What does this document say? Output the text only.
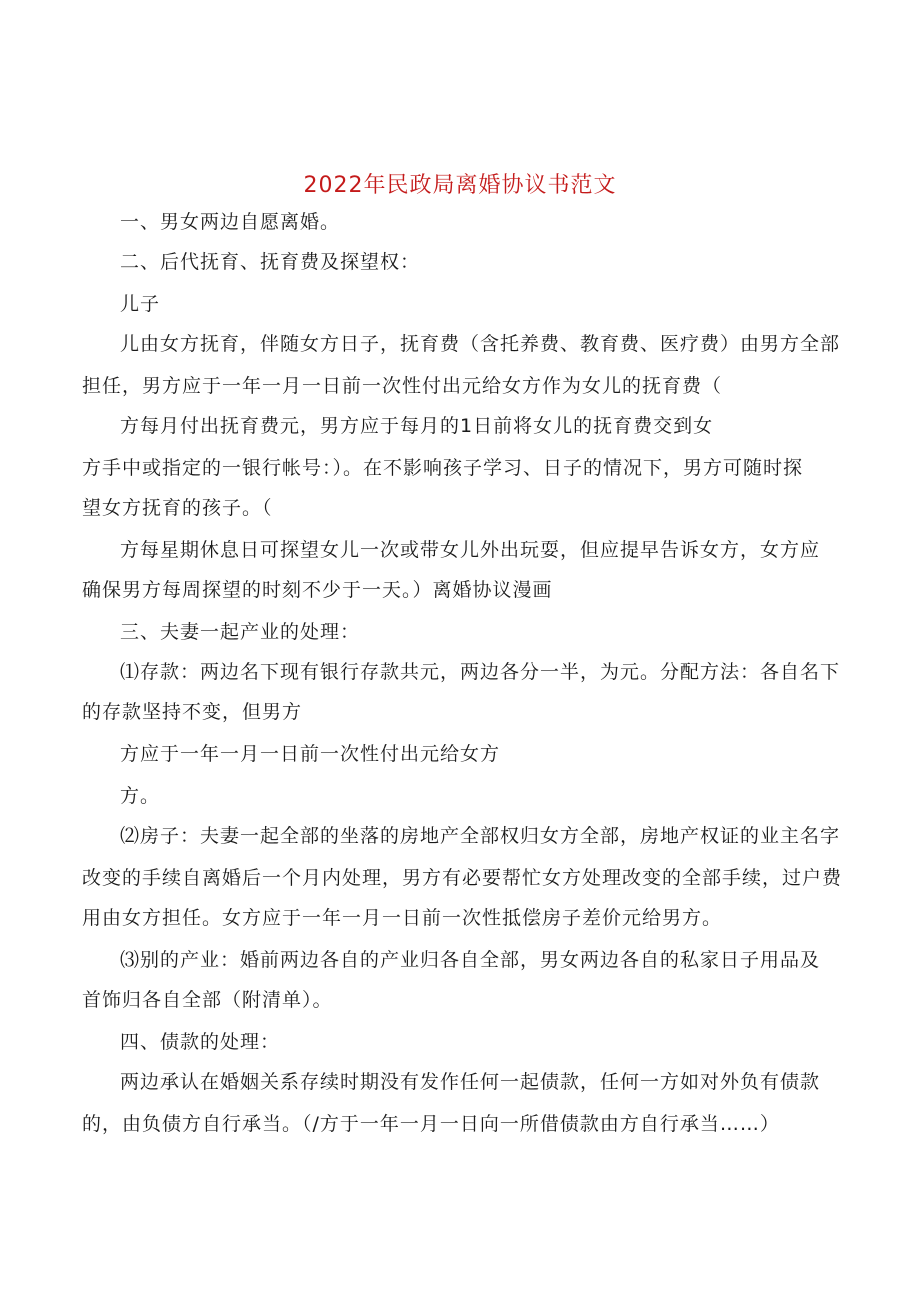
2022年民政局离婚协议书范文
一、男女两边自愿离婚。
二、后代抚育、抚育费及探望权：
儿子
儿由女方抚育，伴随女方日子，抚育费（含托养费、教育费、医疗费）由男方全部
担任，男方应于一年一月一日前一次性付出元给女方作为女儿的抚育费（
方每月付出抚育费元，男方应于每月的1日前将女儿的抚育费交到女
方手中或指定的一银行帐号：）。在不影响孩子学习、日子的情况下，男方可随时探
望女方抚育的孩子。（
方每星期休息日可探望女儿一次或带女儿外出玩耍，但应提早告诉女方，女方应
确保男方每周探望的时刻不少于一天。）离婚协议漫画
三、夫妻一起产业的处理：
⑴存款：两边名下现有银行存款共元，两边各分一半，为元。分配方法：各自名下
的存款坚持不变，但男方
方应于一年一月一日前一次性付出元给女方
方。
⑵房子：夫妻一起全部的坐落的房地产全部权归女方全部，房地产权证的业主名字
改变的手续自离婚后一个月内处理，男方有必要帮忙女方处理改变的全部手续，过户费
用由女方担任。女方应于一年一月一日前一次性抵偿房子差价元给男方。
⑶别的产业：婚前两边各自的产业归各自全部，男女两边各自的私家日子用品及
首饰归各自全部（附清单）。
四、债款的处理：
两边承认在婚姻关系存续时期没有发作任何一起债款，任何一方如对外负有债款
的，由负债方自行承当。（/方于一年一月一日向一所借债款由方自行承当……）
